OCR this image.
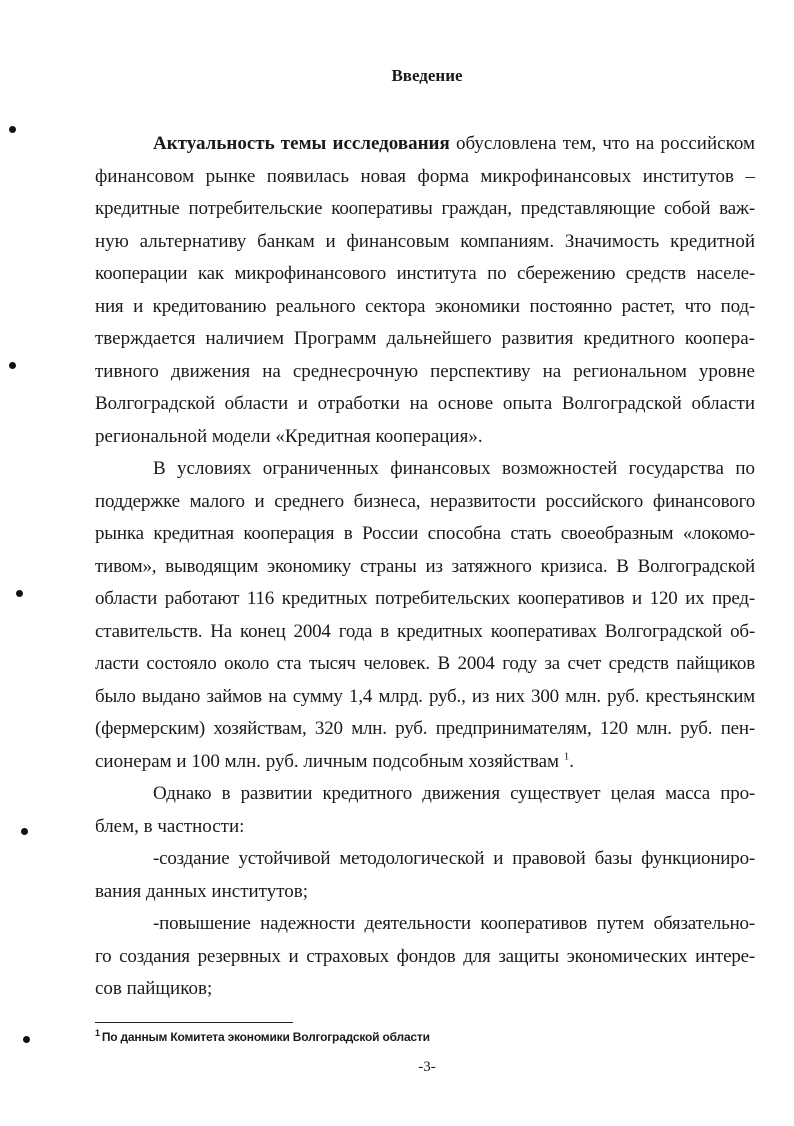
Введение
Актуальность темы исследования обусловлена тем, что на российском
финансовом рынке появилась новая форма микрофинансовых институтов –
кредитные потребительские кооперативы граждан, представляющие собой важ-
ную альтернативу банкам и финансовым компаниям. Значимость кредитной
кооперации как микрофинансового института по сбережению средств населе-
ния и кредитованию реального сектора экономики постоянно растет, что под-
тверждается наличием Программ дальнейшего развития кредитного коопера-
тивного движения на среднесрочную перспективу на региональном уровне
Волгоградской области и отработки на основе опыта Волгоградской области
региональной модели «Кредитная кооперация».
В условиях ограниченных финансовых возможностей государства по
поддержке малого и среднего бизнеса, неразвитости российского финансового
рынка кредитная кооперация в России способна стать своеобразным «локомо-
тивом», выводящим экономику страны из затяжного кризиса. В Волгоградской
области работают 116 кредитных потребительских кооперативов и 120 их пред-
ставительств. На конец 2004 года в кредитных кооперативах Волгоградской об-
ласти состояло около ста тысяч человек. В 2004 году за счет средств пайщиков
было выдано займов на сумму 1,4 млрд. руб., из них 300 млн. руб. крестьянским
(фермерским) хозяйствам, 320 млн. руб. предпринимателям, 120 млн. руб. пен-
сионерам и 100 млн. руб. личным подсобным хозяйствам $^1$.
Однако в развитии кредитного движения существует целая масса про-
блем, в частности:
-создание устойчивой методологической и правовой базы функциониро-
вания данных институтов;
-повышение надежности деятельности кооперативов путем обязательно-
го создания резервных и страховых фондов для защиты экономических интере-
сов пайщиков;
$^1$ По данным Комитета экономики Волгоградской области
-3-
